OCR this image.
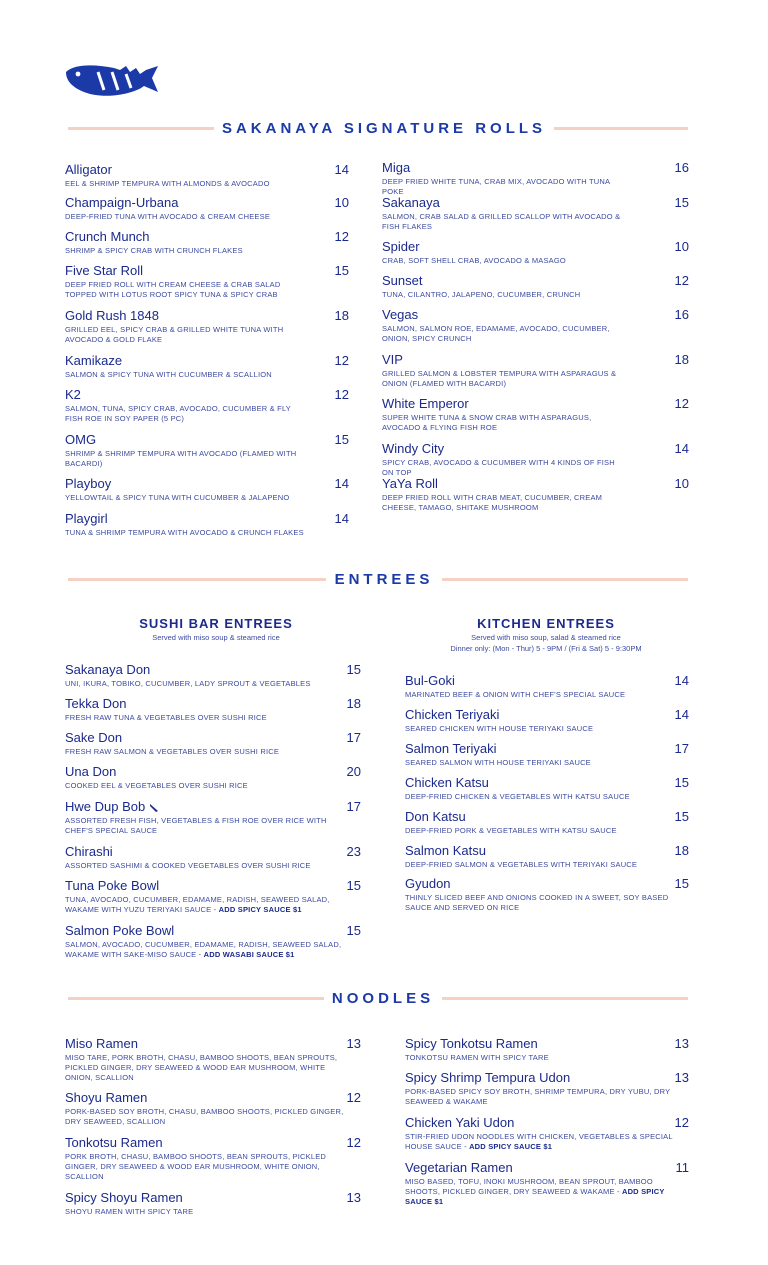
SAKANAYA SIGNATURE ROLLS
Alligator	14
EEL & SHRIMP TEMPURA WITH ALMONDS & AVOCADO
Champaign-Urbana	10
DEEP-FRIED TUNA WITH AVOCADO & CREAM CHEESE
Crunch Munch	12
SHRIMP & SPICY CRAB WITH CRUNCH FLAKES
Five Star Roll	15
DEEP FRIED ROLL WITH CREAM CHEESE & CRAB SALAD TOPPED WITH LOTUS ROOT SPICY TUNA & SPICY CRAB
Gold Rush 1848	18
GRILLED EEL, SPICY CRAB & GRILLED WHITE TUNA WITH AVOCADO & GOLD FLAKE
Kamikaze	12
SALMON & SPICY TUNA WITH CUCUMBER & SCALLION
K2	12
SALMON, TUNA, SPICY CRAB, AVOCADO, CUCUMBER & FLY FISH ROE IN SOY PAPER (5 PC)
OMG	15
SHRIMP & SHRIMP TEMPURA WITH AVOCADO (FLAMED WITH BACARDI)
Playboy	14
YELLOWTAIL & SPICY TUNA WITH CUCUMBER & JALAPENO
Playgirl	14
TUNA & SHRIMP TEMPURA WITH AVOCADO & CRUNCH FLAKES
Miga	16
DEEP FRIED WHITE TUNA, CRAB MIX, AVOCADO WITH TUNA POKE
Sakanaya	15
SALMON, CRAB SALAD & GRILLED SCALLOP WITH AVOCADO & FISH FLAKES
Spider	10
CRAB, SOFT SHELL CRAB, AVOCADO & MASAGO
Sunset	12
TUNA, CILANTRO, JALAPENO, CUCUMBER, CRUNCH
Vegas	16
SALMON, SALMON ROE, EDAMAME, AVOCADO, CUCUMBER, ONION, SPICY CRUNCH
VIP	18
GRILLED SALMON & LOBSTER TEMPURA WITH ASPARAGUS & ONION (FLAMED WITH BACARDI)
White Emperor	12
SUPER WHITE TUNA & SNOW CRAB WITH ASPARAGUS, AVOCADO & FLYING FISH ROE
Windy City	14
SPICY CRAB, AVOCADO & CUCUMBER WITH 4 KINDS OF FISH ON TOP
YaYa Roll	10
DEEP FRIED ROLL WITH CRAB MEAT, CUCUMBER, CREAM CHEESE, TAMAGO, SHITAKE MUSHROOM
ENTREES
SUSHI BAR ENTREES
Served with miso soup & steamed rice
KITCHEN ENTREES
Served with miso soup, salad & steamed rice
Dinner only: (Mon - Thur) 5 - 9PM / (Fri & Sat) 5 - 9:30PM
Sakanaya Don	15
UNI, IKURA, TOBIKO, CUCUMBER, LADY SPROUT & VEGETABLES
Tekka Don	18
FRESH RAW TUNA & VEGETABLES OVER SUSHI RICE
Sake Don	17
FRESH RAW SALMON & VEGETABLES OVER SUSHI RICE
Una Don	20
COOKED EEL & VEGETABLES OVER SUSHI RICE
Hwe Dup Bob	17
ASSORTED FRESH FISH, VEGETABLES & FISH ROE OVER RICE WITH CHEF'S SPECIAL SAUCE
Chirashi	23
ASSORTED SASHIMI & COOKED VEGETABLES OVER SUSHI RICE
Tuna Poke Bowl	15
TUNA, AVOCADO, CUCUMBER, EDAMAME, RADISH, SEAWEED SALAD, WAKAME WITH YUZU TERIYAKI SAUCE - ADD SPICY SAUCE $1
Salmon Poke Bowl	15
SALMON, AVOCADO, CUCUMBER, EDAMAME, RADISH, SEAWEED SALAD, WAKAME WITH SAKE-MISO SAUCE - ADD WASABI SAUCE $1
Bul-Goki	14
MARINATED BEEF & ONION WITH CHEF'S SPECIAL SAUCE
Chicken Teriyaki	14
SEARED CHICKEN WITH HOUSE TERIYAKI SAUCE
Salmon Teriyaki	17
SEARED SALMON WITH HOUSE TERIYAKI SAUCE
Chicken Katsu	15
DEEP-FRIED CHICKEN & VEGETABLES WITH KATSU SAUCE
Don Katsu	15
DEEP-FRIED PORK & VEGETABLES WITH KATSU SAUCE
Salmon Katsu	18
DEEP-FRIED SALMON & VEGETABLES WITH TERIYAKI SAUCE
Gyudon	15
THINLY SLICED BEEF AND ONIONS COOKED IN A SWEET, SOY BASED SAUCE AND SERVED ON RICE
NOODLES
Miso Ramen	13
MISO TARE, PORK BROTH, CHASU, BAMBOO SHOOTS, BEAN SPROUTS, PICKLED GINGER, DRY SEAWEED & WOOD EAR MUSHROOM, WHITE ONION, SCALLION
Shoyu Ramen	12
PORK-BASED SOY BROTH, CHASU, BAMBOO SHOOTS, PICKLED GINGER, DRY SEAWEED, SCALLION
Tonkotsu Ramen	12
PORK BROTH, CHASU, BAMBOO SHOOTS, BEAN SPROUTS, PICKLED GINGER, DRY SEAWEED & WOOD EAR MUSHROOM, WHITE ONION, SCALLION
Spicy Shoyu Ramen	13
SHOYU RAMEN WITH SPICY TARE
Spicy Tonkotsu Ramen	13
TONKOTSU RAMEN WITH SPICY TARE
Spicy Shrimp Tempura Udon	13
PORK-BASED SPICY SOY BROTH, SHRIMP TEMPURA, DRY YUBU, DRY SEAWEED & WAKAME
Chicken Yaki Udon	12
STIR-FRIED UDON NOODLES WITH CHICKEN, VEGETABLES & SPECIAL HOUSE SAUCE - ADD SPICY SAUCE $1
Vegetarian Ramen	11
MISO BASED, TOFU, INOKI MUSHROOM, BEAN SPROUT, BAMBOO SHOOTS, PICKLED GINGER, DRY SEAWEED & WAKAME - ADD SPICY SAUCE $1
